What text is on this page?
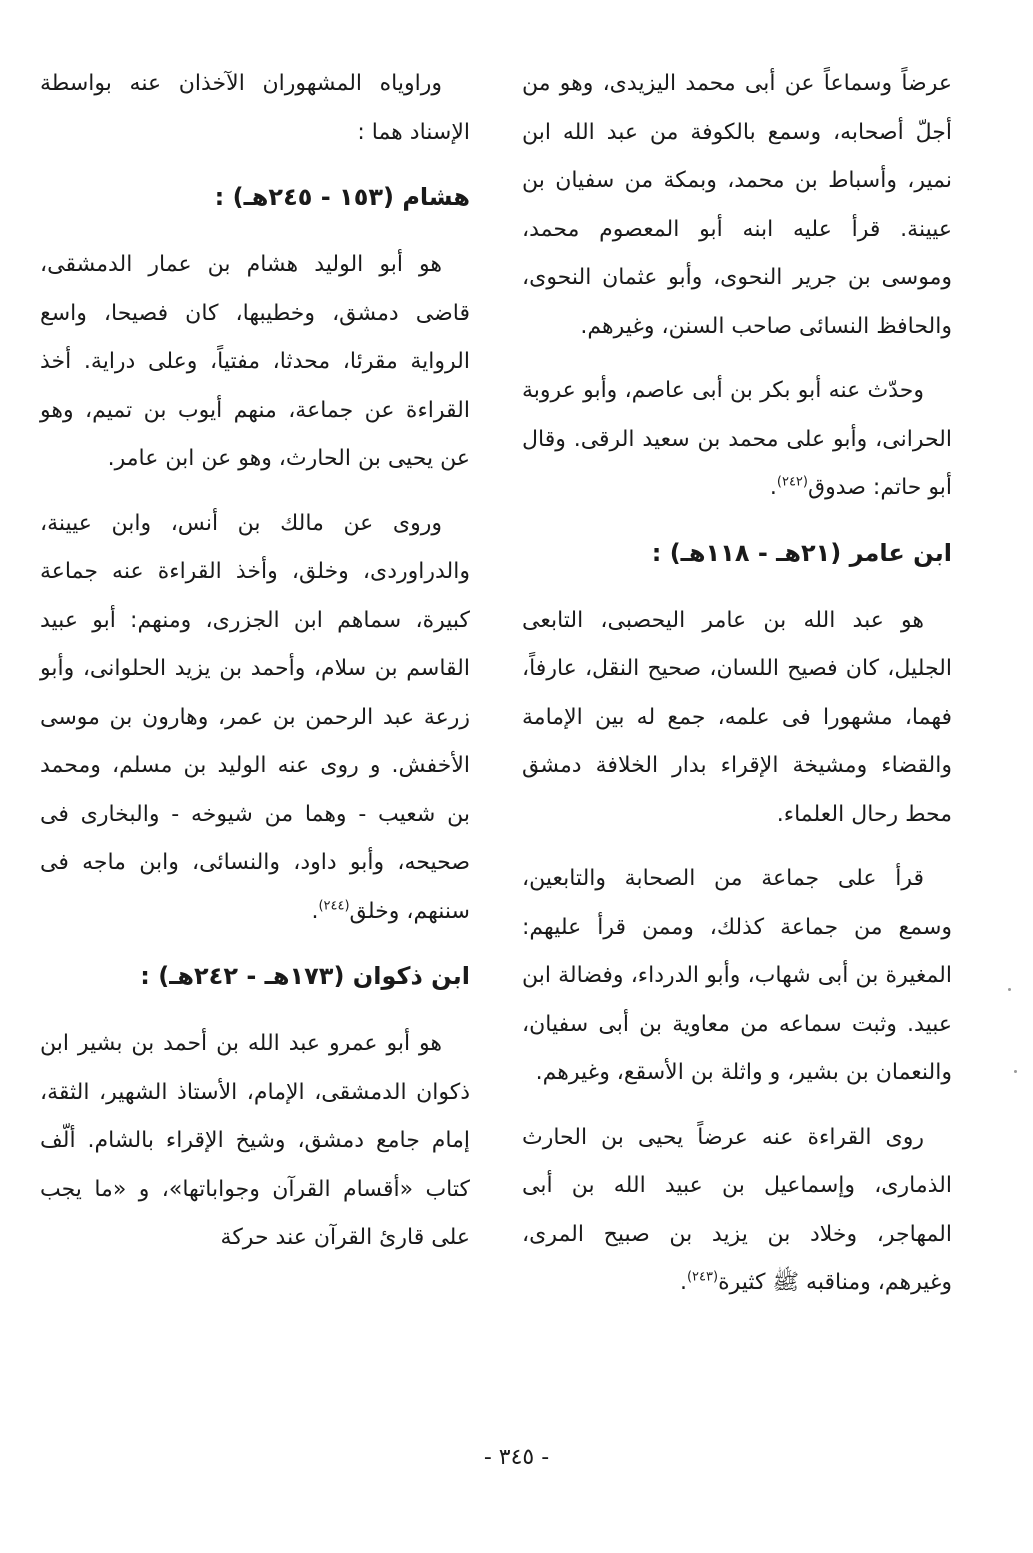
عرضاً وسماعاً عن أبى محمد اليزيدى، وهو من أجلّ أصحابه، وسمع بالكوفة من عبد الله ابن نمير، وأسباط بن محمد، وبمكة من سفيان بن عيينة. قرأ عليه ابنه أبو المعصوم محمد، وموسى بن جرير النحوى، وأبو عثمان النحوى، والحافظ النسائى صاحب السنن، وغيرهم.

وحدّث عنه أبو بكر بن أبى عاصم، وأبو عروبة الحرانى، وأبو على محمد بن سعيد الرقى. وقال أبو حاتم: صدوق$^{(٢٤٢)}$.

ابن عامر (٢١هـ - ١١٨هـ) :

هو عبد الله بن عامر اليحصبى، التابعى الجليل، كان فصيح اللسان، صحيح النقل، عارفاً، فهما، مشهورا فى علمه، جمع له بين الإمامة والقضاء ومشيخة الإقراء بدار الخلافة دمشق محط رحال العلماء.

قرأ على جماعة من الصحابة والتابعين، وسمع من جماعة كذلك، وممن قرأ عليهم: المغيرة بن أبى شهاب، وأبو الدرداء، وفضالة ابن عبيد. وثبت سماعه من معاوية بن أبى سفيان، والنعمان بن بشير، و واثلة بن الأسقع، وغيرهم.

روى القراءة عنه عرضاً يحيى بن الحارث الذمارى، وإسماعيل بن عبيد الله بن أبى المهاجر، وخلاد بن يزيد بن صبيح المرى، وغيرهم، ومناقبه ﷺ كثيرة$^{(٢٤٣)}$.

وراوياه المشهوران الآخذان عنه بواسطة الإسناد هما :

هشام (١٥٣ - ٢٤٥هـ) :

هو أبو الوليد هشام بن عمار الدمشقى، قاضى دمشق، وخطيبها، كان فصيحا، واسع الرواية مقرئا، محدثا، مفتياً، وعلى دراية. أخذ القراءة عن جماعة، منهم أيوب بن تميم، وهو عن يحيى بن الحارث، وهو عن ابن عامر.

وروى عن مالك بن أنس، وابن عيينة، والدراوردى، وخلق، وأخذ القراءة عنه جماعة كبيرة، سماهم ابن الجزرى، ومنهم: أبو عبيد القاسم بن سلام، وأحمد بن يزيد الحلوانى، وأبو زرعة عبد الرحمن بن عمر، وهارون بن موسى الأخفش. و روى عنه الوليد بن مسلم، ومحمد بن شعيب - وهما من شيوخه - والبخارى فى صحيحه، وأبو داود، والنسائى، وابن ماجه فى سننهم، وخلق$^{(٢٤٤)}$.

ابن ذكوان (١٧٣هـ - ٢٤٢هـ) :

هو أبو عمرو عبد الله بن أحمد بن بشير ابن ذكوان الدمشقى، الإمام، الأستاذ الشهير، الثقة، إمام جامع دمشق، وشيخ الإقراء بالشام. ألّف كتاب «أقسام القرآن وجواباتها»، و «ما يجب على قارئ القرآن عند حركة

- ٣٤٥ -
